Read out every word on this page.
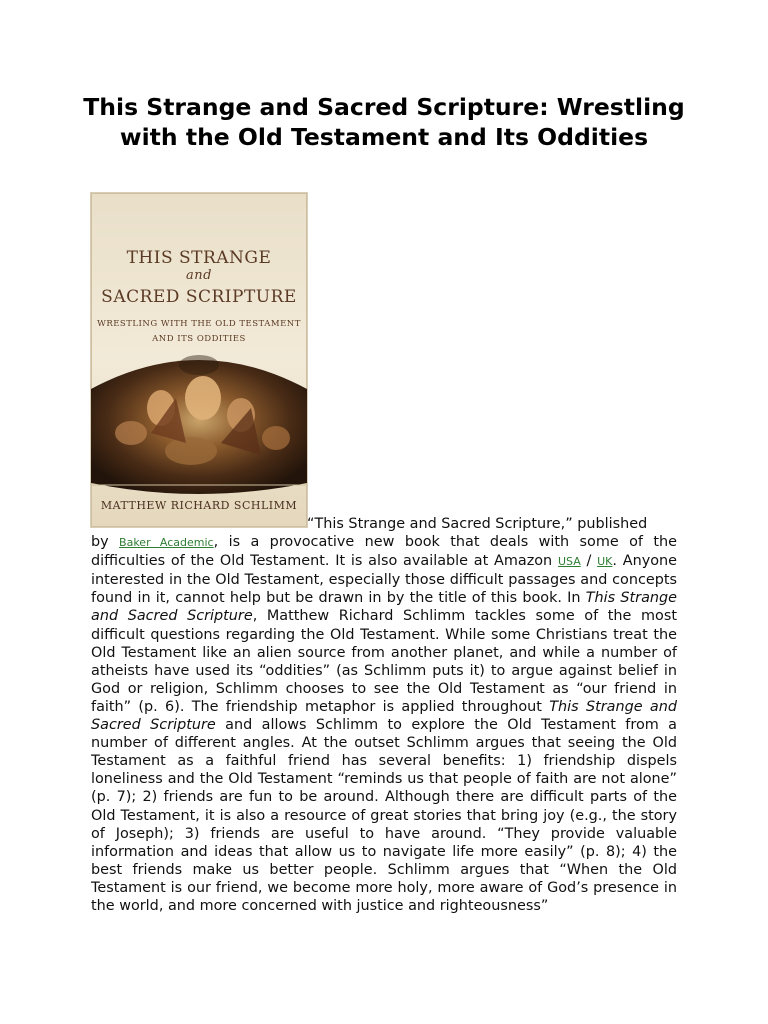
This Strange and Sacred Scripture: Wrestling with the Old Testament and Its Oddities
THIS STRANGE
and
SACRED SCRIPTURE
WRESTLING WITH THE OLD TESTAMENT
AND ITS ODDITIES
MATTHEW RICHARD SCHLIMM

“This Strange and Sacred Scripture,” published
by Baker Academic, is a provocative new book that deals with some of the difficulties of the Old Testament. It is also available at Amazon USA / UK. Anyone interested in the Old Testament, especially those difficult passages and concepts found in it, cannot help but be drawn in by the title of this book. In This Strange and Sacred Scripture, Matthew Richard Schlimm tackles some of the most difficult questions regarding the Old Testament. While some Christians treat the Old Testament like an alien source from another planet, and while a number of atheists have used its “oddities” (as Schlimm puts it) to argue against belief in God or religion, Schlimm chooses to see the Old Testament as “our friend in faith” (p. 6). The friendship metaphor is applied throughout This Strange and Sacred Scripture and allows Schlimm to explore the Old Testament from a number of different angles. At the outset Schlimm argues that seeing the Old Testament as a faithful friend has several benefits: 1) friendship dispels loneliness and the Old Testament “reminds us that people of faith are not alone” (p. 7); 2) friends are fun to be around. Although there are difficult parts of the Old Testament, it is also a resource of great stories that bring joy (e.g., the story of Joseph); 3) friends are useful to have around. “They provide valuable information and ideas that allow us to navigate life more easily” (p. 8); 4) the best friends make us better people. Schlimm argues that “When the Old Testament is our friend, we become more holy, more aware of God’s presence in the world, and more concerned with justice and righteousness”
